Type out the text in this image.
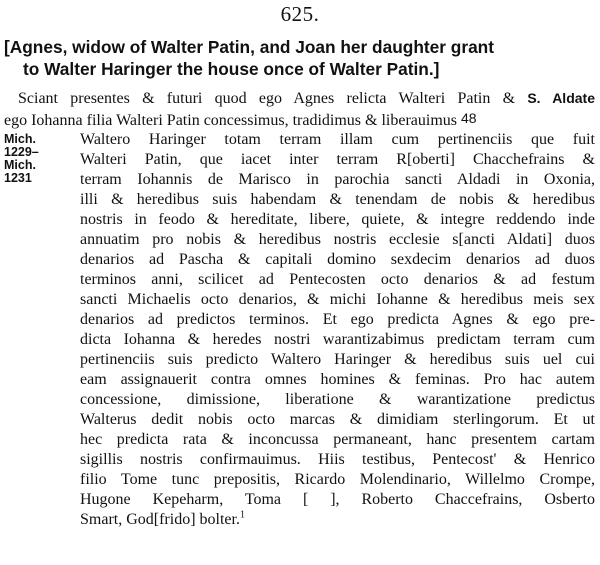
625.
[Agnes, widow of Walter Patin, and Joan her daughter grant
to Walter Haringer the house once of Walter Patin.]
Sciant presentes & futuri quod ego Agnes relicta Walteri Patin & S. Aldate
ego Iohanna filia Walteri Patin concessimus, tradidimus & liberauimus 48
Mich.
1229–
Mich.
1231
Waltero Haringer totam terram illam cum pertinenciis que fuit
Walteri Patin, que iacet inter terram R[oberti] Chacchefrains &
terram Iohannis de Marisco in parochia sancti Aldadi in Oxonia,
illi & heredibus suis habendam & tenendam de nobis & heredibus
nostris in feodo & hereditate, libere, quiete, & integre reddendo inde
annuatim pro nobis & heredibus nostris ecclesie s[ancti Aldati] duos
denarios ad Pascha & capitali domino sexdecim denarios ad duos
terminos anni, scilicet ad Pentecosten octo denarios & ad festum
sancti Michaelis octo denarios, & michi Iohanne & heredibus meis sex
denarios ad predictos terminos. Et ego predicta Agnes & ego pre-
dicta Iohanna & heredes nostri warantizabimus predictam terram cum
pertinenciis suis predicto Waltero Haringer & heredibus suis uel cui
eam assignauerit contra omnes homines & feminas. Pro hac autem
concessione, dimissione, liberatione & warantizatione predictus
Walterus dedit nobis octo marcas & dimidiam sterlingorum. Et ut
hec predicta rata & inconcussa permaneant, hanc presentem cartam
sigillis nostris confirmauimus. Hiis testibus, Pentecost' & Henrico
filio Tome tunc prepositis, Ricardo Molendinario, Willelmo Crompe,
Hugone Kepeharm, Toma [ ], Roberto Chaccefrains, Osberto
Smart, God[frido] bolter.$^1$
